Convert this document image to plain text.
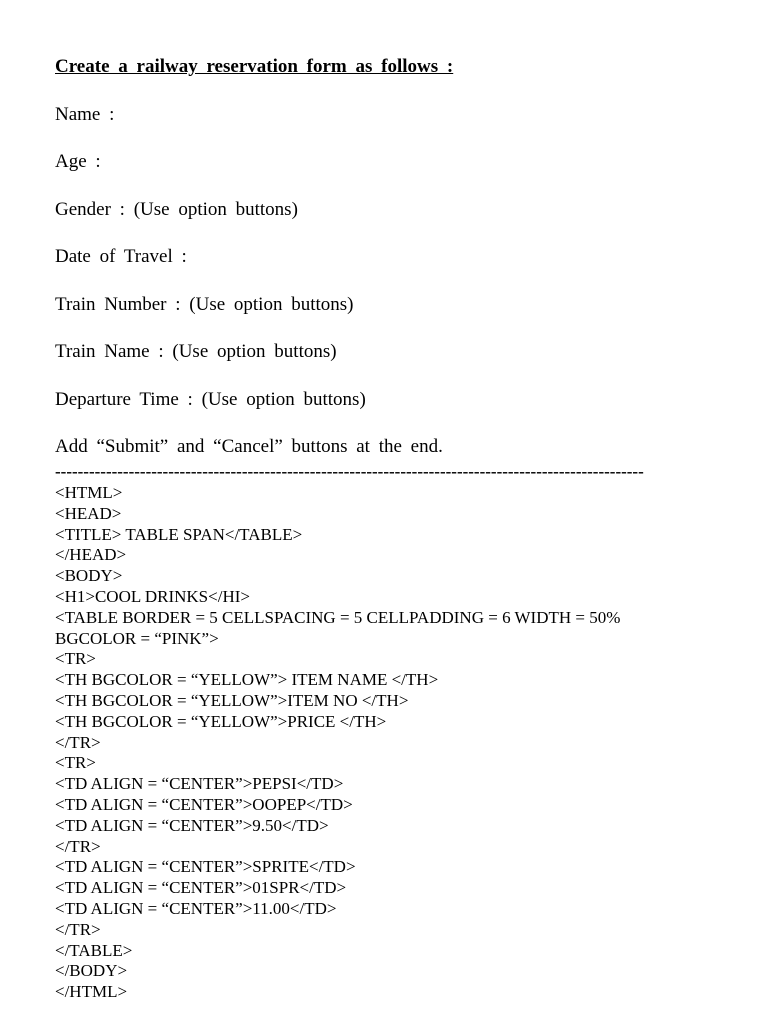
Create a railway reservation form as follows :
Name :
Age :
Gender : (Use option buttons)
Date of Travel :
Train Number : (Use option buttons)
Train Name : (Use option buttons)
Departure Time : (Use option buttons)
Add “Submit” and “Cancel” buttons at the end.
--------------------------------------------------------------------------------------------------------
<HTML>
<HEAD>
<TITLE> TABLE SPAN</TABLE>
</HEAD>
<BODY>
<H1>COOL DRINKS</HI>
<TABLE BORDER = 5 CELLSPACING = 5 CELLPADDING = 6 WIDTH = 50%
BGCOLOR = “PINK”>
<TR>
<TH BGCOLOR = “YELLOW”> ITEM NAME </TH>
<TH BGCOLOR = “YELLOW”>ITEM NO </TH>
<TH BGCOLOR = “YELLOW”>PRICE </TH>
</TR>
<TR>
<TD ALIGN = “CENTER”>PEPSI</TD>
<TD ALIGN = “CENTER”>OOPEP</TD>
<TD ALIGN = “CENTER”>9.50</TD>
</TR>
<TD ALIGN = “CENTER”>SPRITE</TD>
<TD ALIGN = “CENTER”>01SPR</TD>
<TD ALIGN = “CENTER”>11.00</TD>
</TR>
</TABLE>
</BODY>
</HTML>
